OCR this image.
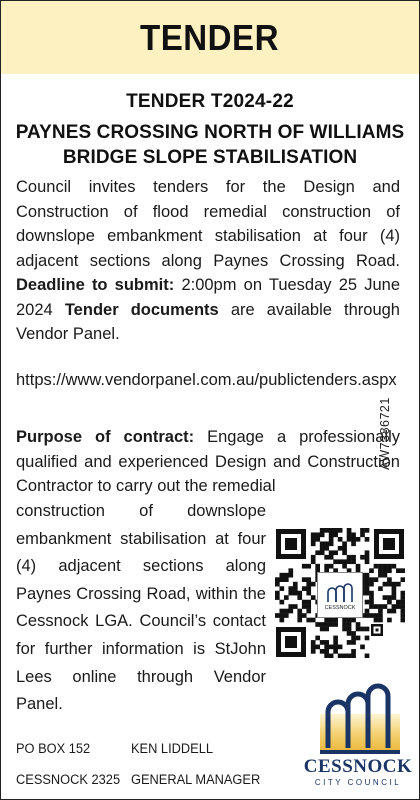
TENDER
TENDER T2024-22
PAYNES CROSSING NORTH OF WILLIAMS BRIDGE SLOPE STABILISATION
Council invites tenders for the Design and Construction of flood remedial construction of downslope embankment stabilisation at four (4) adjacent sections along Paynes Crossing Road. Deadline to submit: 2:00pm on Tuesday 25 June 2024 Tender documents are available through Vendor Panel.
https://www.vendorpanel.com.au/publictenders.aspx
Purpose of contract: Engage a professionally qualified and experienced Design and Construction Contractor to carry out the remedial
construction of downslope embankment stabilisation at four (4) adjacent sections along Paynes Crossing Road, within the Cessnock LGA. Council’s contact for further information is StJohn Lees online through Vendor Panel.
AW7386721
CESSNOCK
CESSNOCK
CITY COUNCIL
PO BOX 152
CESSNOCK 2325
KEN LIDDELL
GENERAL MANAGER
